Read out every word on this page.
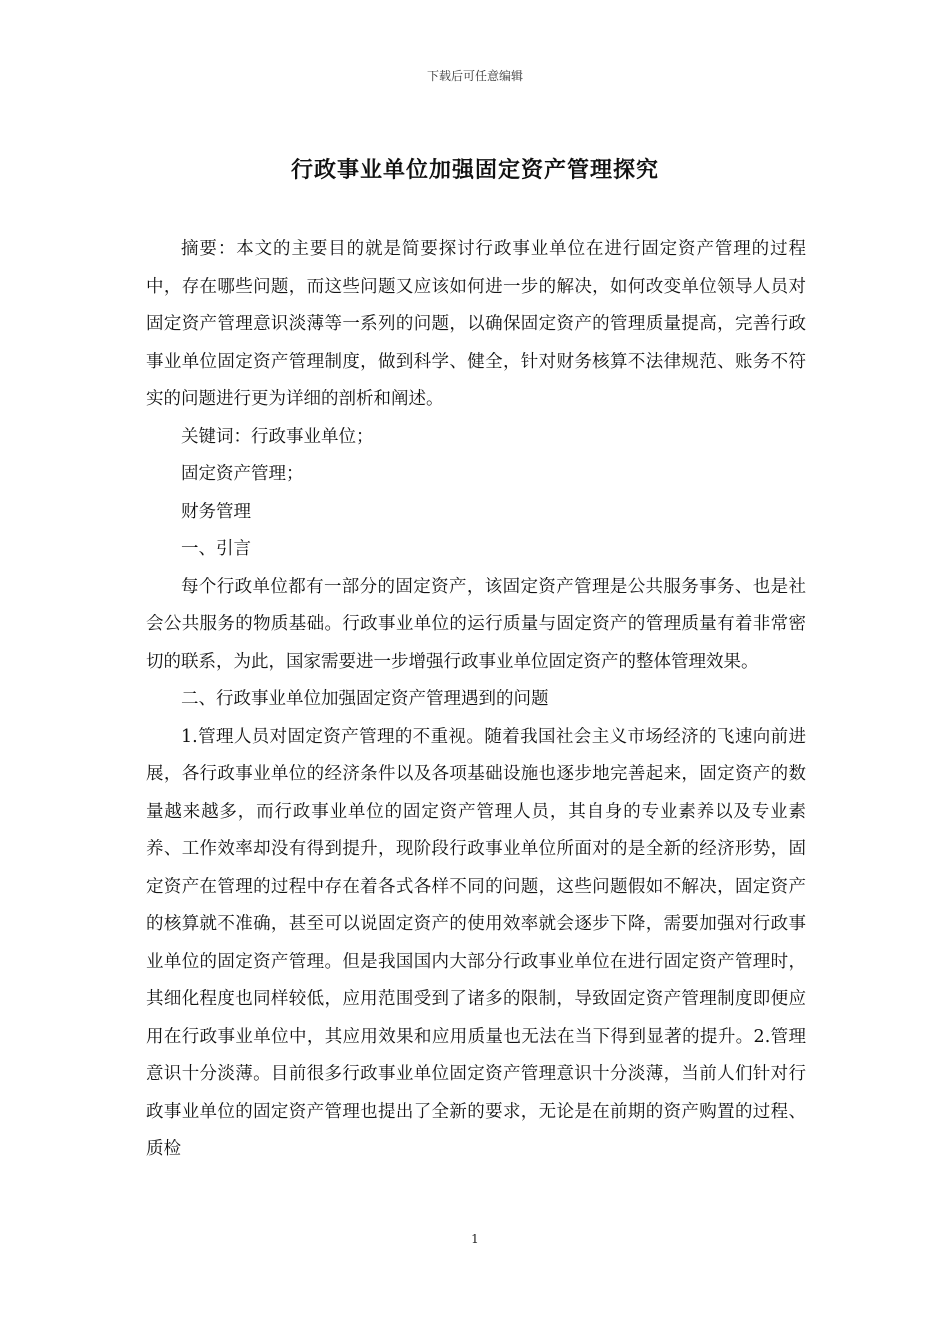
下载后可任意编辑
行政事业单位加强固定资产管理探究

摘要：本文的主要目的就是简要探讨行政事业单位在进行固定资产管理的过程中，存在哪些问题，而这些问题又应该如何进一步的解决，如何改变单位领导人员对固定资产管理意识淡薄等一系列的问题，以确保固定资产的管理质量提高，完善行政事业单位固定资产管理制度，做到科学、健全，针对财务核算不法律规范、账务不符实的问题进行更为详细的剖析和阐述。

关键词：行政事业单位；

固定资产管理；

财务管理

一、引言

每个行政单位都有一部分的固定资产，该固定资产管理是公共服务事务、也是社会公共服务的物质基础。行政事业单位的运行质量与固定资产的管理质量有着非常密切的联系，为此，国家需要进一步增强行政事业单位固定资产的整体管理效果。

二、行政事业单位加强固定资产管理遇到的问题

1.管理人员对固定资产管理的不重视。随着我国社会主义市场经济的飞速向前进展，各行政事业单位的经济条件以及各项基础设施也逐步地完善起来，固定资产的数量越来越多，而行政事业单位的固定资产管理人员，其自身的专业素养以及专业素养、工作效率却没有得到提升，现阶段行政事业单位所面对的是全新的经济形势，固定资产在管理的过程中存在着各式各样不同的问题，这些问题假如不解决，固定资产的核算就不准确，甚至可以说固定资产的使用效率就会逐步下降，需要加强对行政事业单位的固定资产管理。但是我国国内大部分行政事业单位在进行固定资产管理时，其细化程度也同样较低，应用范围受到了诸多的限制，导致固定资产管理制度即便应用在行政事业单位中，其应用效果和应用质量也无法在当下得到显著的提升。2.管理意识十分淡薄。目前很多行政事业单位固定资产管理意识十分淡薄，当前人们针对行政事业单位的固定资产管理也提出了全新的要求，无论是在前期的资产购置的过程、质检

1
